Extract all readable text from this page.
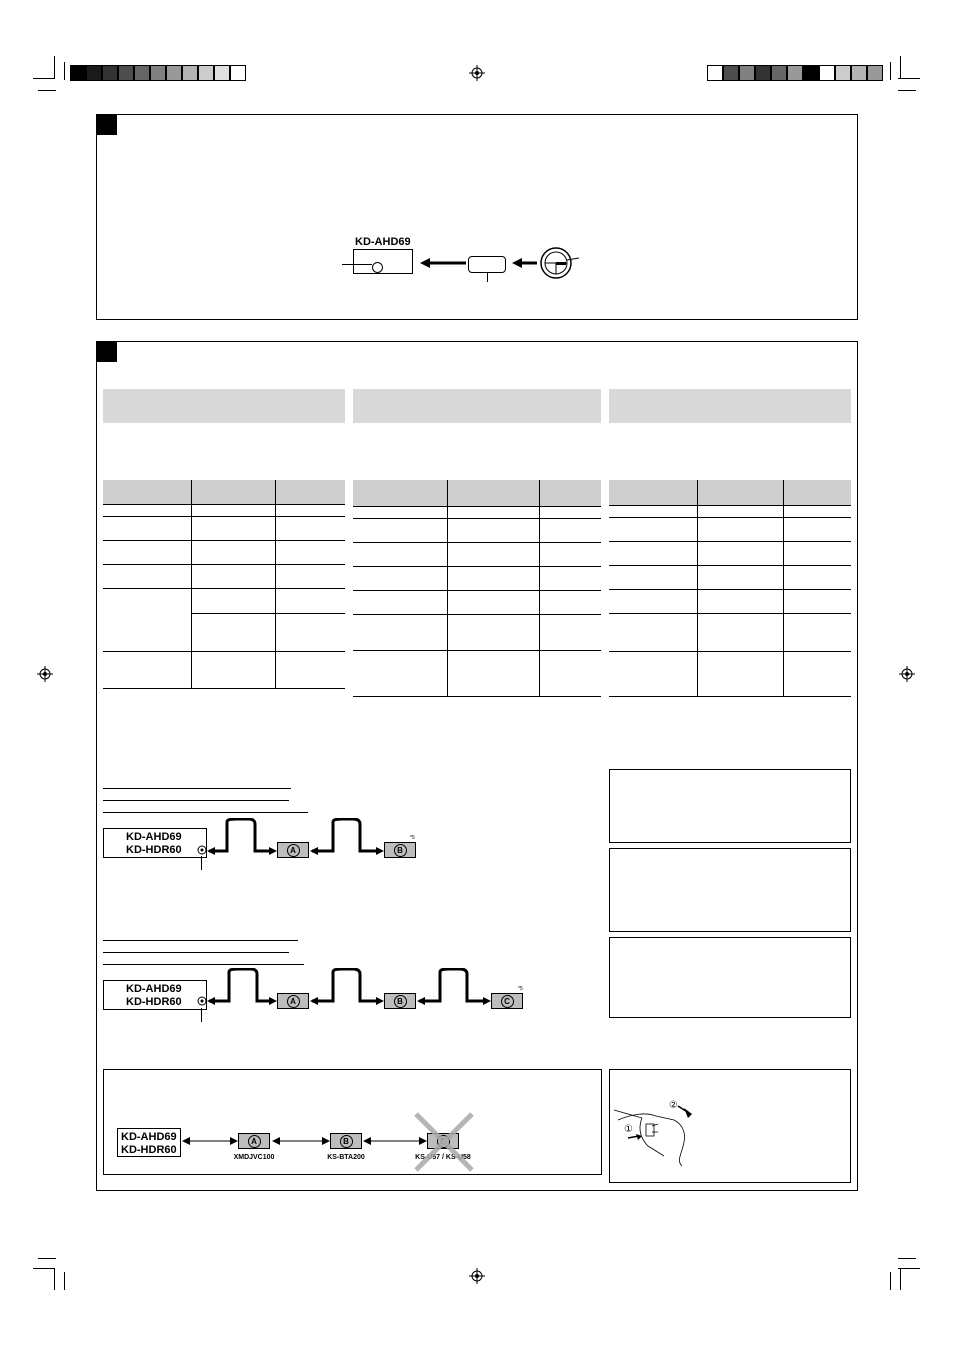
KD-AHD69
KD-AHD69
KD-HDR60	A	B
*5
KD-AHD69
KD-HDR60	A	B	C
*5
KD-AHD69
KD-HDR60
A	B
XMDJVC100	KS-BTA200	KS-U57 / KS-U58
②
①
